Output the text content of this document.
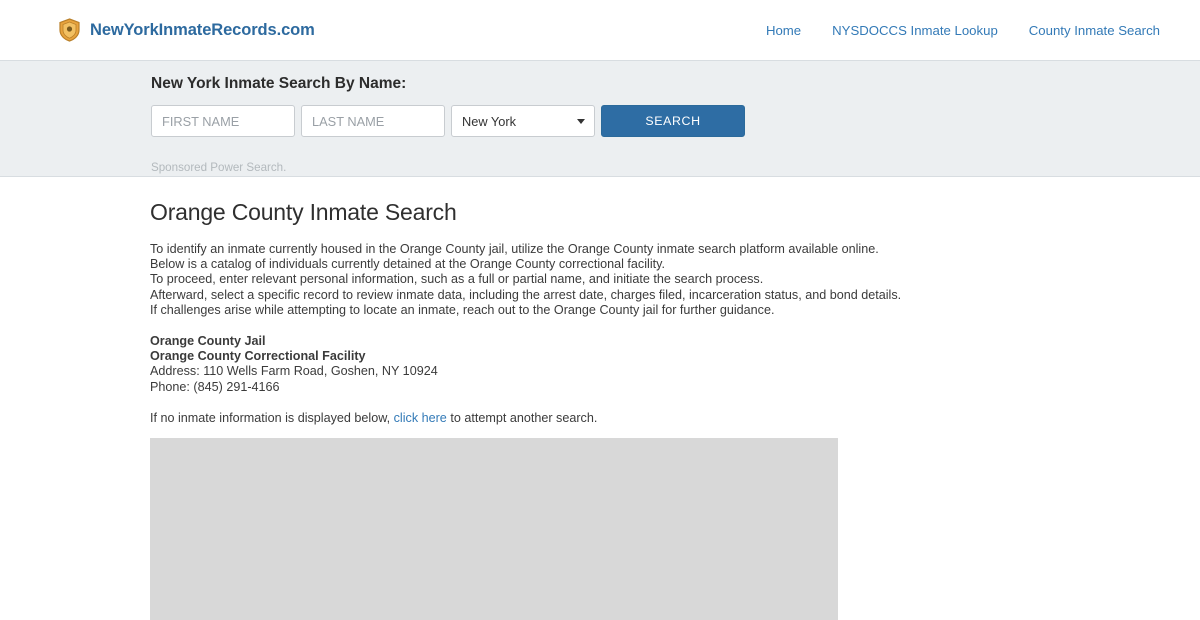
NewYorkInmateRecords.com	Home NYSDOCCS Inmate Lookup County Inmate Search
New York Inmate Search By Name:
FIRST NAME
LAST NAME
New York	SEARCH
Sponsored Power Search.
Orange County Inmate Search
To identify an inmate currently housed in the Orange County jail, utilize the Orange County inmate search platform available online.
Below is a catalog of individuals currently detained at the Orange County correctional facility.
To proceed, enter relevant personal information, such as a full or partial name, and initiate the search process.
Afterward, select a specific record to review inmate data, including the arrest date, charges filed, incarceration status, and bond details.
If challenges arise while attempting to locate an inmate, reach out to the Orange County jail for further guidance.
Orange County Jail
Orange County Correctional Facility
Address: 110 Wells Farm Road, Goshen, NY 10924
Phone: (845) 291-4166
If no inmate information is displayed below, click here to attempt another search.
